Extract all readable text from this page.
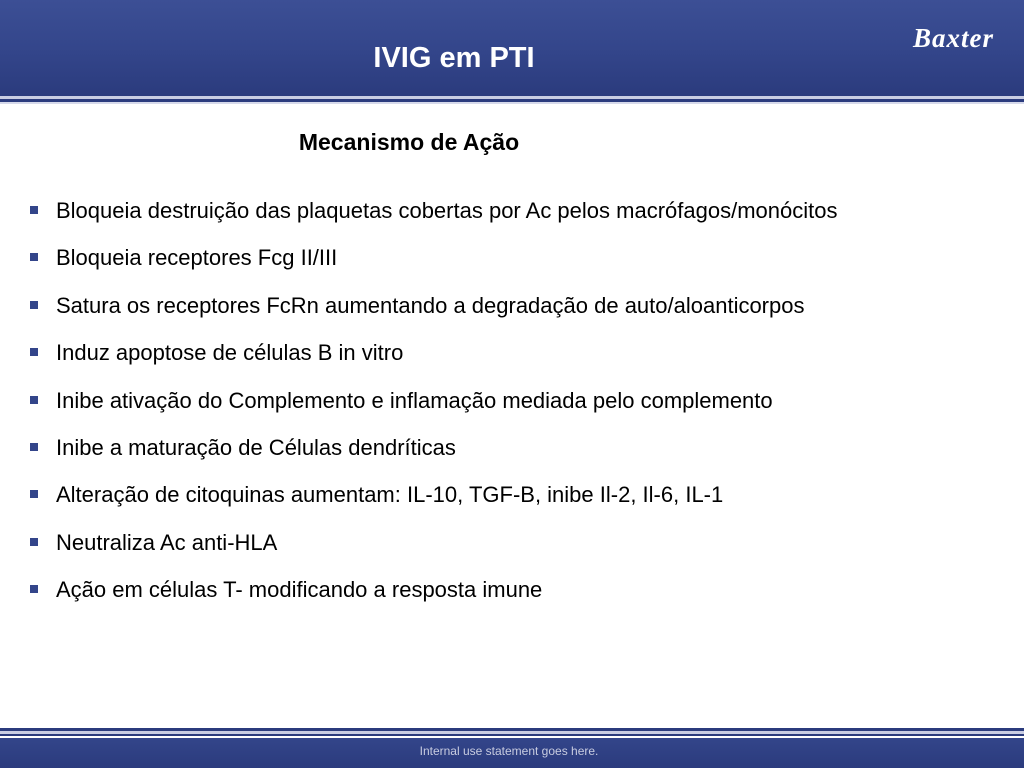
IVIG em PTI
Baxter
Mecanismo de Ação
Bloqueia destruição das plaquetas cobertas por Ac pelos macrófagos/monócitos
Bloqueia receptores Fcg II/III
Satura os receptores FcRn aumentando a degradação de auto/aloanticorpos
Induz apoptose de células B in vitro
Inibe ativação do Complemento e inflamação mediada pelo complemento
Inibe a maturação de Células dendríticas
Alteração de citoquinas aumentam: IL-10, TGF-B, inibe Il-2, Il-6, IL-1
Neutraliza Ac anti-HLA
Ação em células T- modificando a resposta imune
Internal use statement goes here.
